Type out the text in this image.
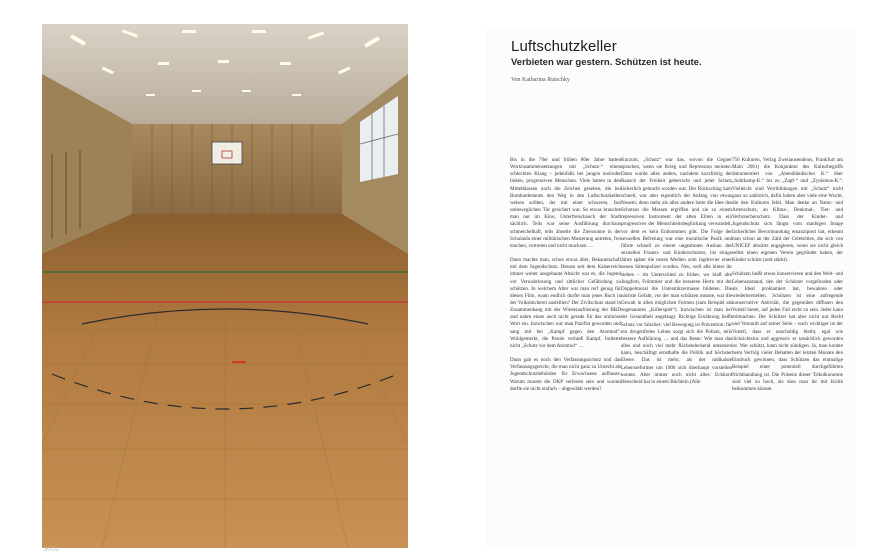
Luftschutzkeller
Verbieten war gestern. Schützen ist heute.

Von Katharina Rutschky

Bis in die 70er und frühen 80er Jahre hatten Wortzusammensetzungen mit „Schutz-“ einen schlechten Klang – jedenfalls bei jungen und/oder linken, progressiven Menschen. Viele hatten in den Mittelklassen noch die Zeichen gesehen, die bei Bombardements den Weg in den Luftschutzkeller weisen sollten, der mit einer schweren, fast unbeweglichen Tür gesichert war. So etwas brauchte man nur im Kino, Unterfreischauch der Stadt sächlich. Teils war seine Ausführung durchaus schmeichelhaft, teils ähnelte die Zierssonne in der Schulaula einer militärischen Musterung antreten, frei machen, vortreten und nicht mucksen …

Dann machte man, schon etwas älter, Bekanntschaft mit dem Jugendschutz. Dessen seit dem Kaiserreich immer weiter ausgebaute Absicht war es, die Jugend vor Verwahrlosung und sittlicher Gefährdung zu schützen. In welchem Alter war man reif genug für diesen Film, wann endlich durfte man jenes Buch in der Volksbücherei ausleihen? Der Zivilschutz stand in Zusammenhang mit der Wiederaufrüstung der BRD und nahm einen auch nicht gerade für das ominöse Wort ein. Inzwischen war man Pazifist geworden und sang mit bei „Kampf gegen den Atomtod“. Wohlgemerkt, die Parole verhieß Kampf, forderte nicht „Schutz vor dem Atomtod“ …

Dann gab es noch den Verfassungsschutz und das Verfassungsgericht, die man nicht ganz zu Unrecht als Jugendschutzbehörden für Erwachsene auffasste. Warum musste die DKP verboten sein und warum durfte sie nicht einfach – abgewählt werden?

Kurzum, „Schutz“ war das, wovon die Gegner sprachen, wenn sie Krieg und Repression meinten. Dann wurde alles anders, nachdem kurzfristig der Rausch der Freiheit geherrscht und jeder Schutz lächerlich gemacht worden war. Der Rückschlag kam schnell, war aber eigentlich der Anfang von etwas Neuem; denn mehr als alles andere hatte die Idee des Schutzes die Massen ergriffen und sie zu einem repressiven Instrument der alten Eliten in ein progressives der Menschheitsbeglückung verwandelt, vor dem es kein Entkommen gibt. Die Folge der sexuellen Befreiung war eine moralische Panik und führte schnell zu einem ungeahnten Ausbau des sexuellen Frauen- und Kinderschutzes, bis einige Jahre später die neuen Medien zum Jagdrevier einer neuen Sittenpolizei wurden. Neu, weil alle hinter ihr stehen – im Unterschied zu früher, wo bloß alte Jungfern, Frömmler und die besseren Herrn mit der Doppelmoral die Unterstützermasse bildeten. Die nächste Gefahr, vor der man schützen musste, war die Gewalt in allen möglichen Formen (zum Beispiel als sogenanntes „Killerspiel“). Inzwischen ist man bei der Gesundheit angelangt. Richtige Ernährung heißt Schutz vor falscher; viel Bewegung ist Prävention; für ein drogenfreies Leben sorgt sich die Polizei, teils bessere Aufklärung … und das Beste: Wie man das alles und noch viel mehr flächendeckend umsetzen kann, beschäftigt ernsthafte die Politik auf höchster Ebene. Das ist mehr, als der radikalste Lebensreformer um 1900 sich überhaupt vorstellen konnte. Aber immer noch nicht alles: Eckhard Henscheid hat in einem Büchlein (Alle

756 Kulturen, Verlag Zweitausendeins, Frankfurt am Main 2001) die Konjunktur des Kulturbegriffs dokumentiert von „Abendländischer K.“ über „Suhrkamp-K.“ bis zu „Zapf-“ und „Zynismus-K.“. Vielleicht sind Wortbildungen mit „Schutz“ nicht ganz so zahlreich, dafür haben aber viele eine Wucht, die den Kulturen fehlt. Man denke an Natur- und Artenschutz, an Klima-, Denkmal-, Tier- und Verbraucherschutz. Dass der Kinder- und Jugendschutz sich längst vom staubigen Image lächerlicher Bevormundung emanzipiert hat, erkennt man schon an der Zahl der Celebrities, die sich von UNICEF abwärts engagieren, wenn sie nicht gleich selbst einen eigenen Verein gegründet haben, der Kinder schützt (und stärkt).

Schützen heißt etwas konservieren und den Welt- und Lebenszustand, den der Schützer vorgefunden oder als Ideal proklamiert hat, bewahren oder wiederherstellen. Schützen ist eine aufregende konservative Aktivität, die gegenüber diffusen den Vorteil bietet, auf jeden Fall recht zu sein. Jeder kann mitmachen. Der Schützer hat aber nicht nur Recht und Vernunft auf seiner Seite – noch wichtiger ist der Vorteil, dass er unschuldig bleibt, egal wie rücksichtslos und aggressiv er tatsächlich geworden ist. Wer schützt, kann nicht sündigen. Ja, man konnte beim Verfolg vieler Debatten der letzten Monate den Eindruck gewinnen, dass Schützen das einmalige Beispiel einer potentiell durchgeführten Nichthandlung ist. Die Präsenz dieser Trikolkonomie sind viel zu hoch, als dass man ihr mit Kritik beikommen könnte.

30/31
